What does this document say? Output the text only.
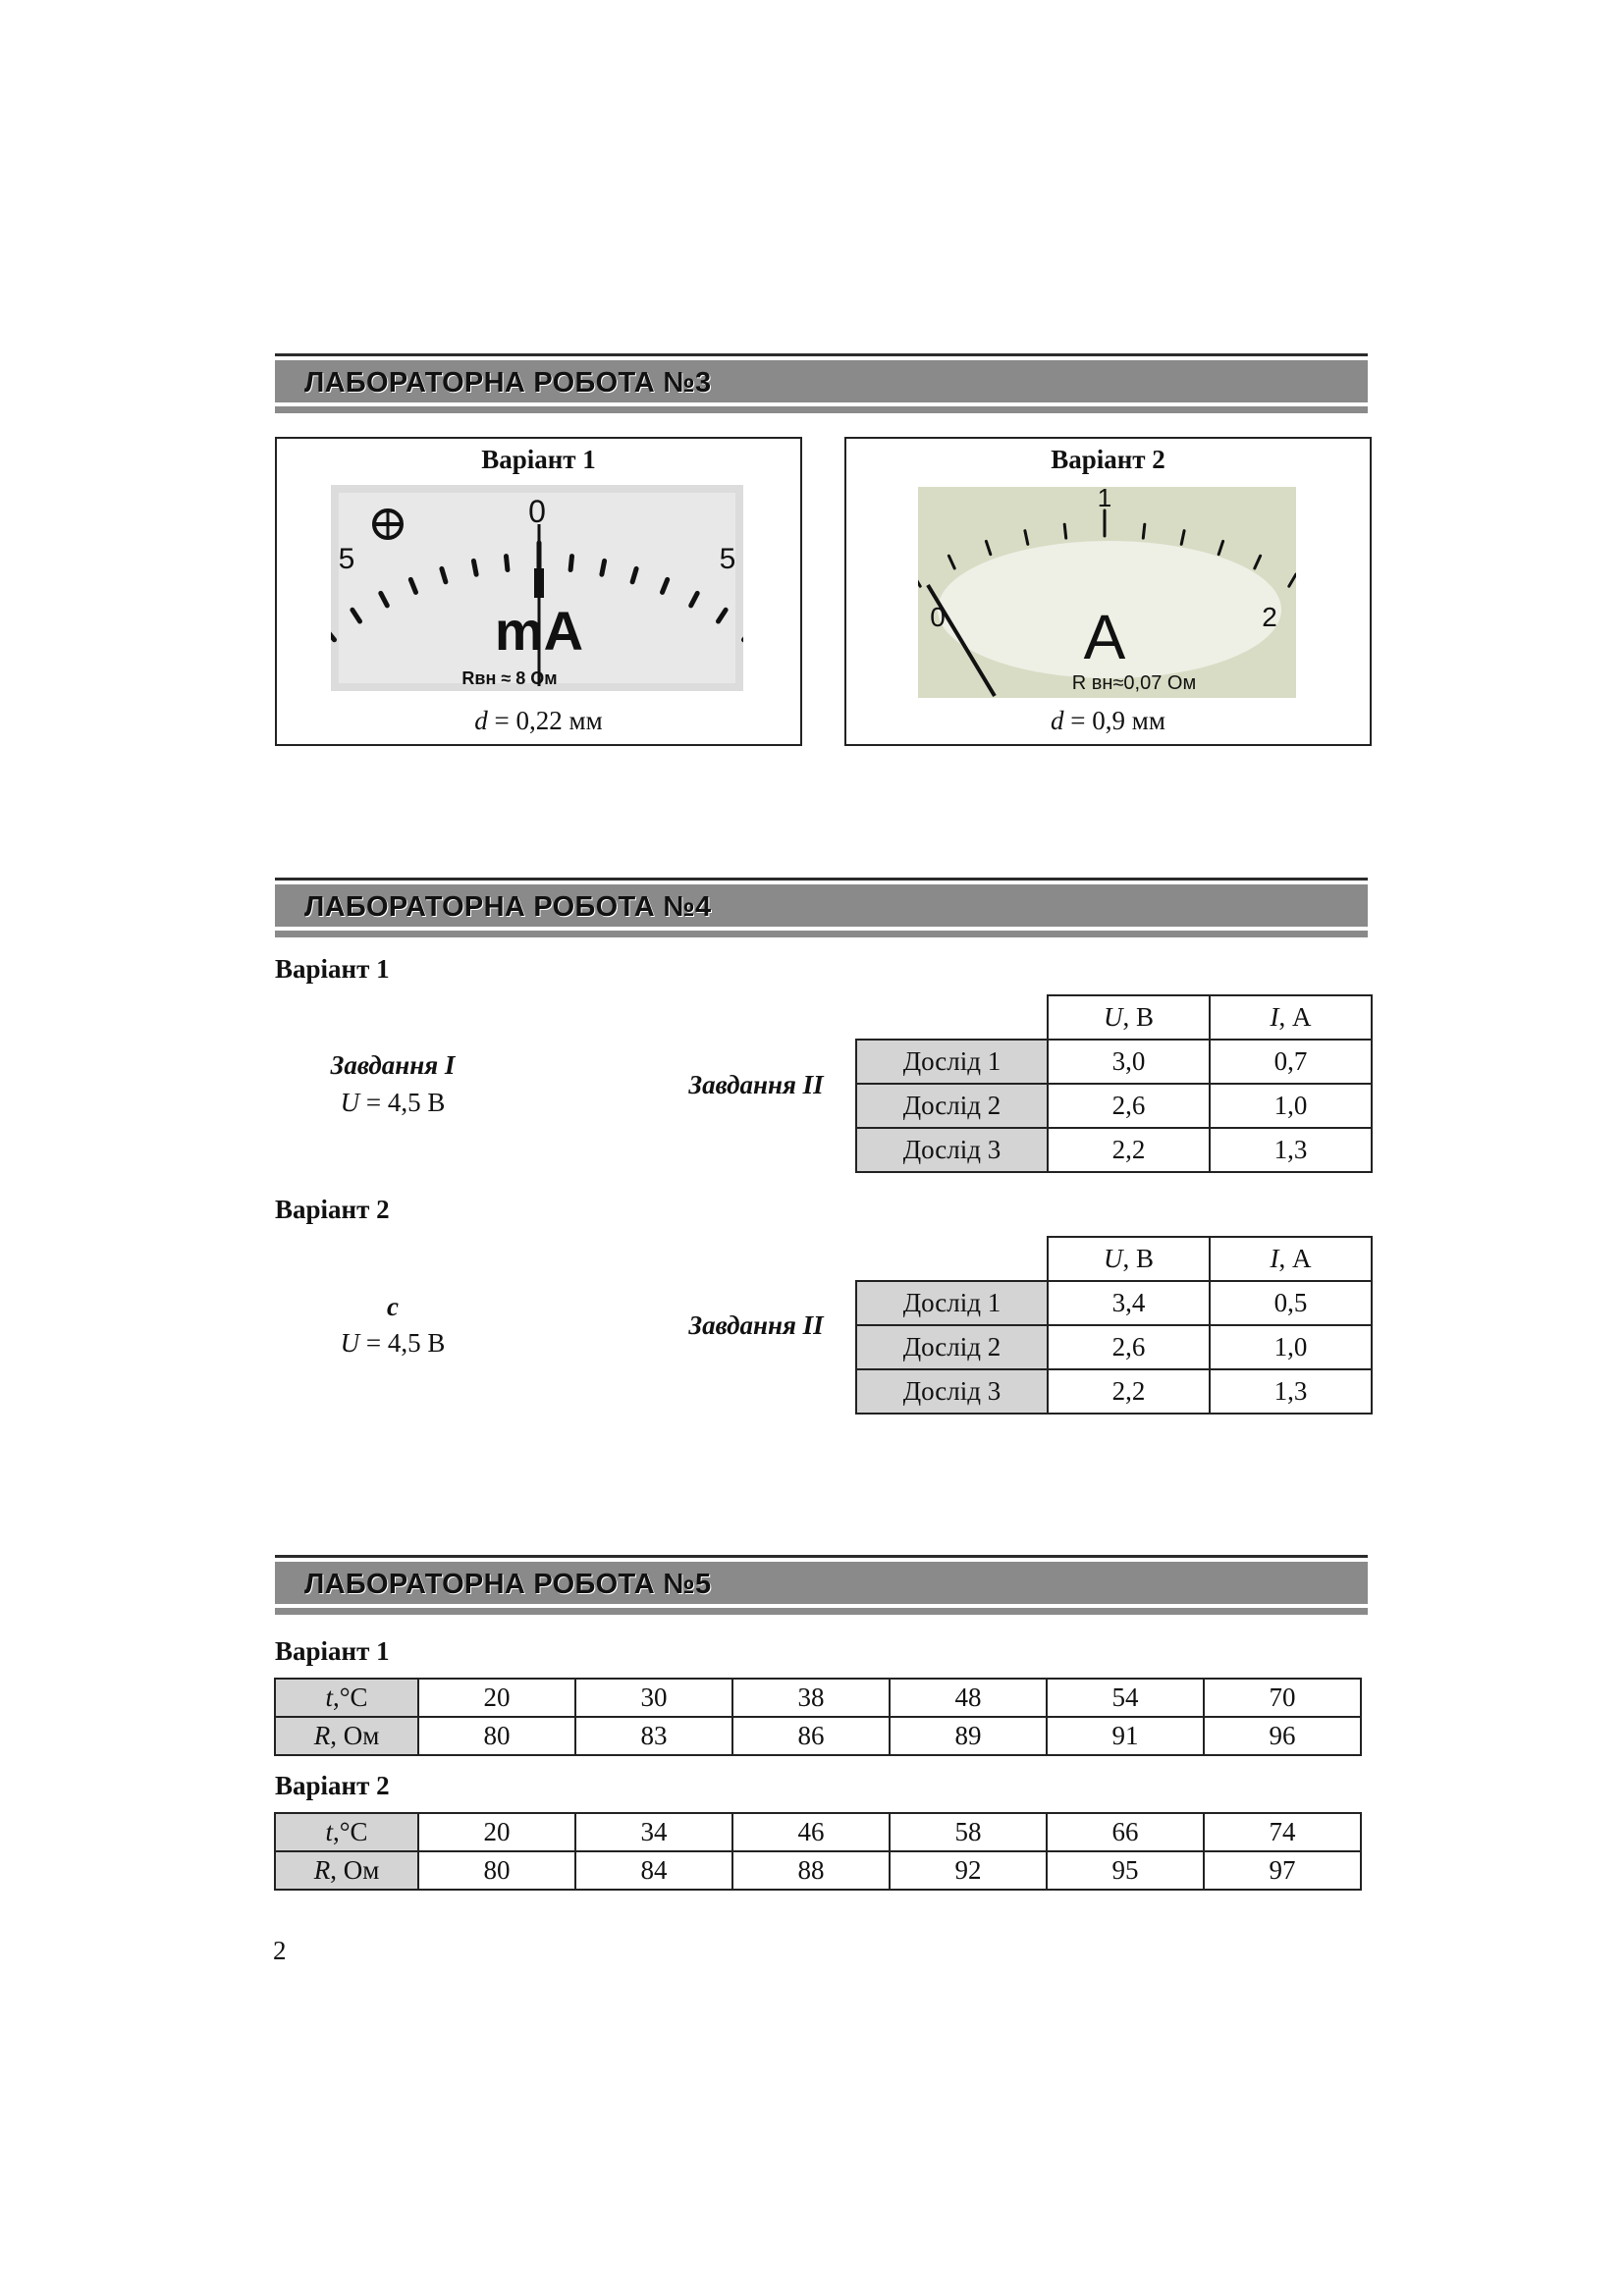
ЛАБОРАТОРНА РОБОТА №3
Варіант 1
0
5	5
mA
Rвн ≈ 8 Ом
d = 0,22 мм
Варіант 2
1
0	2
A
R вн≈0,07 Ом
d = 0,9 мм
ЛАБОРАТОРНА РОБОТА №4
Варіант 1
Завдання I
U = 4,5 В
Завдання II
	U, В	I, А
Дослід 1	3,0	0,7
Дослід 2	2,6	1,0
Дослід 3	2,2	1,3
Варіант 2
с
U = 4,5 В
Завдання II
	U, В	I, А
Дослід 1	3,4	0,5
Дослід 2	2,6	1,0
Дослід 3	2,2	1,3
ЛАБОРАТОРНА РОБОТА №5
Варіант 1
t,°С	20	30	38	48	54	70
R, Ом	80	83	86	89	91	96
Варіант 2
t,°С	20	34	46	58	66	74
R, Ом	80	84	88	92	95	97
2
